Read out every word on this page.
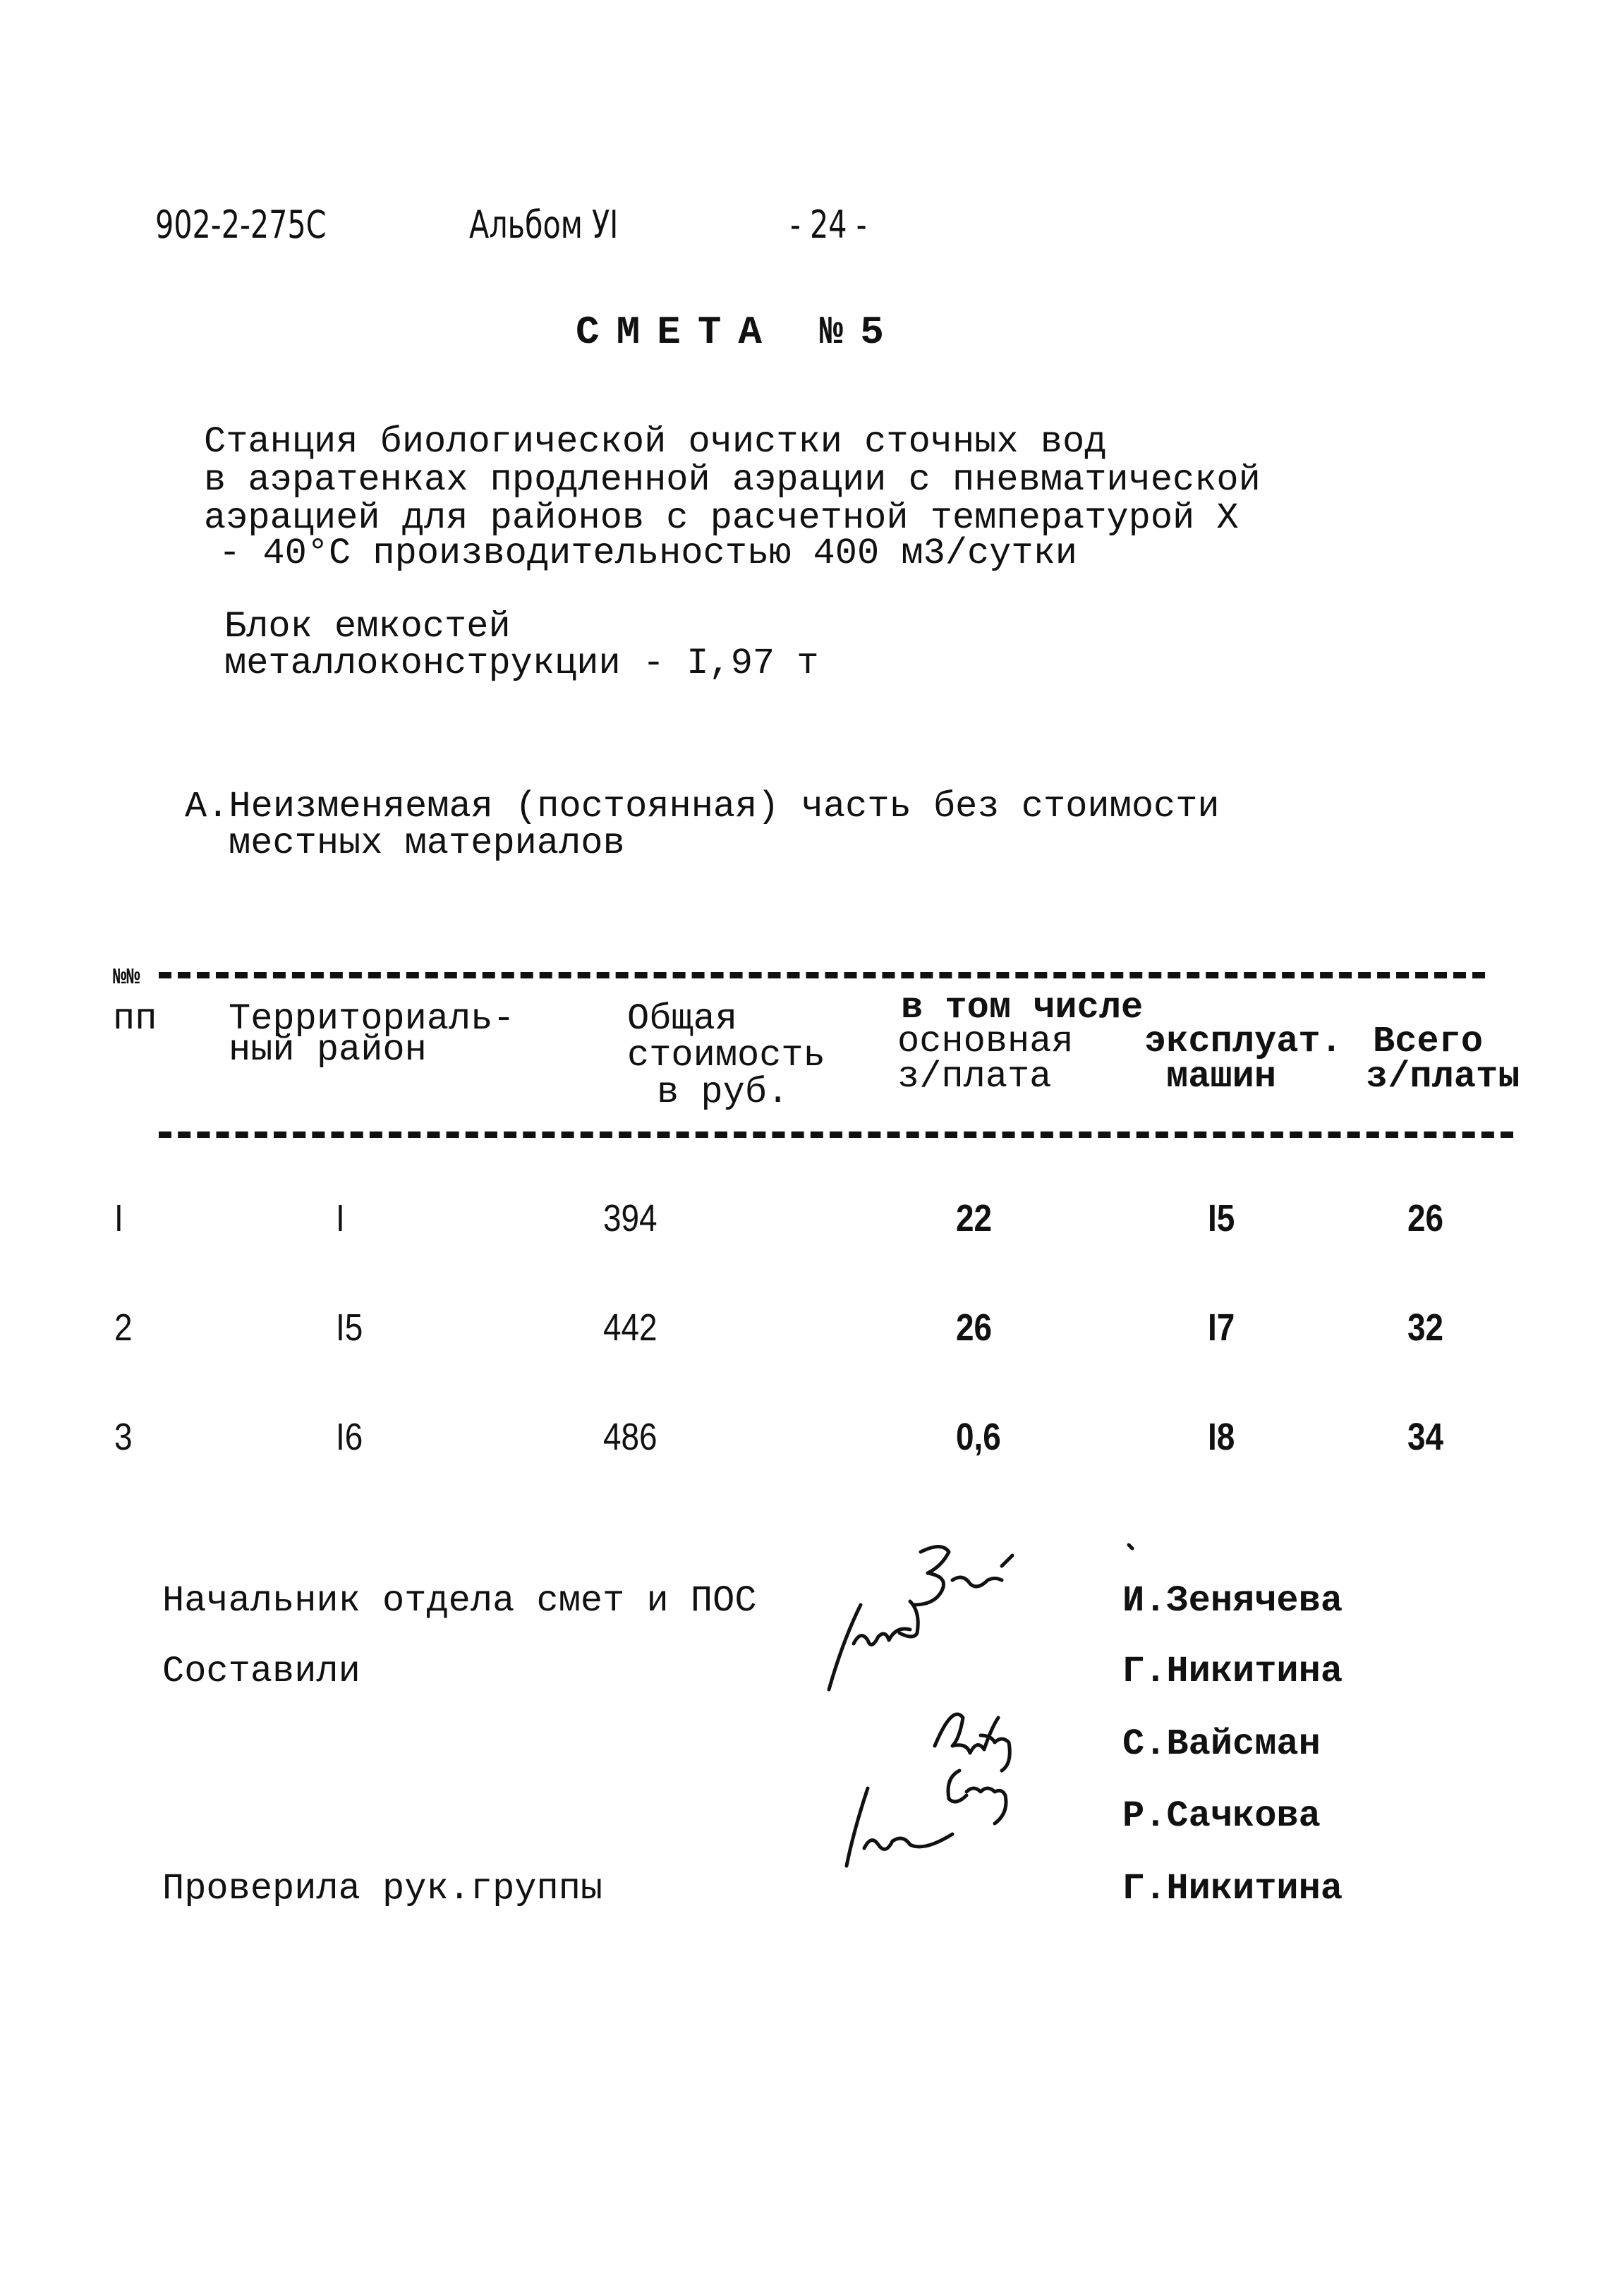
902-2-275С	Альбом УI	- 24 -
СМЕТА №5
Станция биологической очистки сточных вод
в аэратенках продленной аэрации с пневматической
аэрацией для районов с расчетной температурой Х
- 40°С производительностью 400 м3/сутки
Блок емкостей
металлоконструкции - I,97 т
А.Неизменяемая (постоянная) часть без стоимости
местных материалов
№№
пп Территориаль-
ный район
Общая
стоимость
в руб.
в том числе
основная
з/плата
эксплуат.
машин
Всего
з/платы
I	I	394	22	I5	26
2	I5	442	26	I7	32
3	I6	486	0,6	I8	34
Начальник отдела смет и ПОС
Составили
Проверила рук.группы
И.Зенячева
Г.Никитина
С.Вайсман
Р.Сачкова
Г.Никитина
